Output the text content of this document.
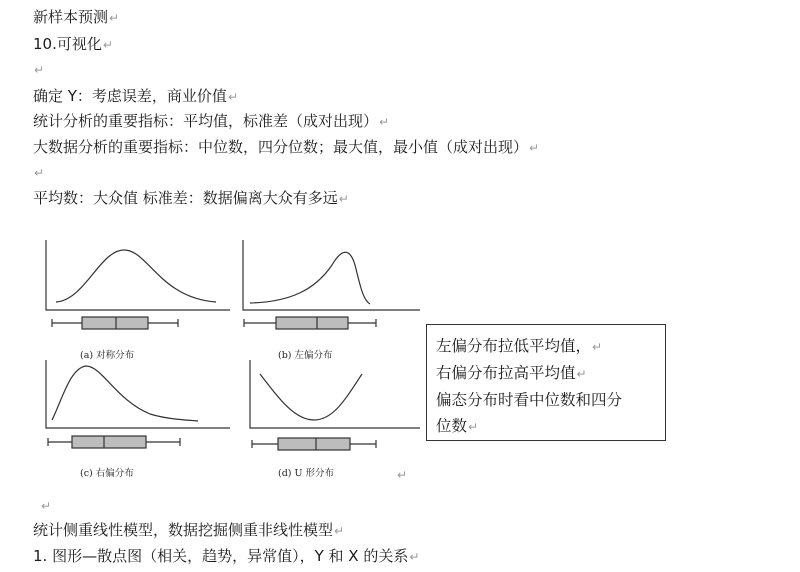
新样本预测↵
10.可视化↵
↵
确定 Y：考虑误差，商业价值↵
统计分析的重要指标：平均值，标准差（成对出现）↵
大数据分析的重要指标：中位数，四分位数；最大值，最小值（成对出现）↵
↵
平均数：大众值 标准差：数据偏离大众有多远↵
(a) 对称分布	(b) 左偏分布
(c) 右偏分布	(d) U 形分布	↵
左偏分布拉低平均值，↵
右偏分布拉高平均值↵
偏态分布时看中位数和四分
位数↵
↵
统计侧重线性模型，数据挖掘侧重非线性模型↵
1. 图形—散点图（相关，趋势，异常值），Y 和 X 的关系↵
